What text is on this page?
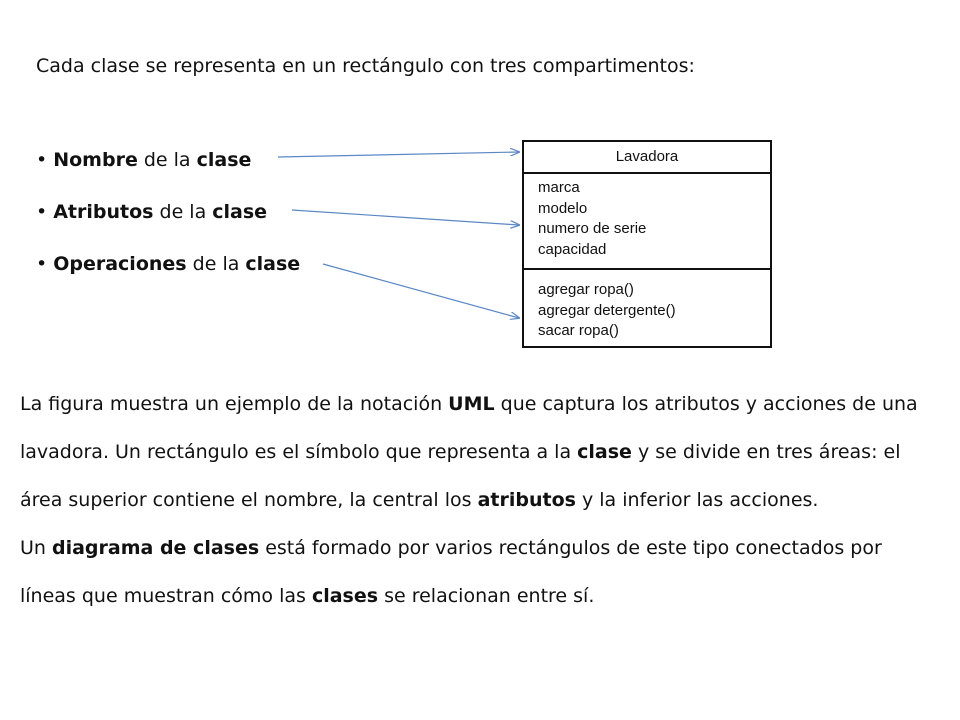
Cada clase se representa en un rectángulo con tres compartimentos:
• Nombre de la clase
• Atributos de la clase
• Operaciones de la clase
Lavadora
marca
modelo
numero de serie
capacidad
agregar ropa()
agregar detergente()
sacar ropa()

La figura muestra un ejemplo de la notación UML que captura los atributos y acciones de una lavadora. Un rectángulo es el símbolo que representa a la clase y se divide en tres áreas: el área superior contiene el nombre, la central los atributos y la inferior las acciones.

Un diagrama de clases está formado por varios rectángulos de este tipo conectados por líneas que muestran cómo las clases se relacionan entre sí.
